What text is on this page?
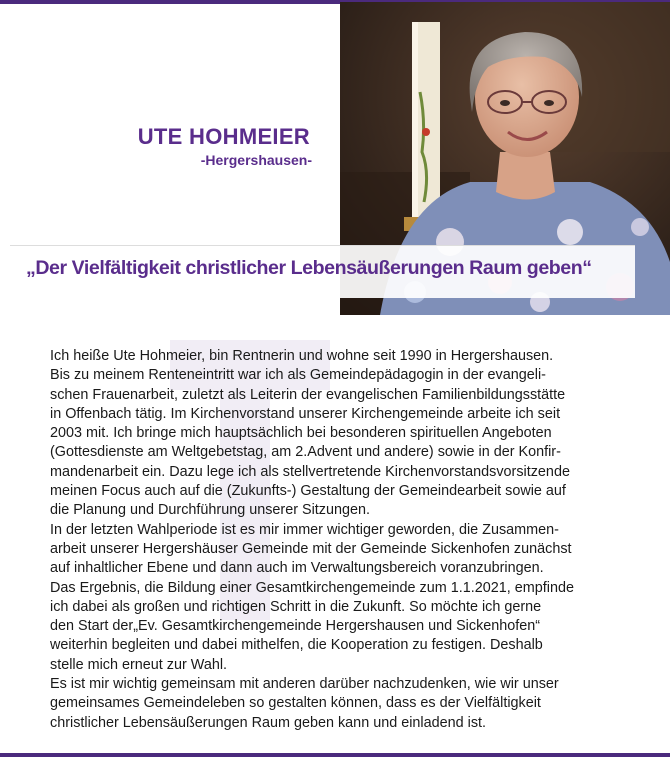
UTE HOHMEIER
-Hergershausen-
„Der Vielfältigkeit christlicher Lebensäußerungen Raum geben“
Ich heiße Ute Hohmeier, bin Rentnerin und wohne seit 1990 in Hergershausen.
Bis zu meinem Renteneintritt war ich als Gemeindepädagogin in der evangeli-
schen Frauenarbeit, zuletzt als Leiterin der evangelischen Familienbildungsstätte
in Offenbach tätig. Im Kirchenvorstand unserer Kirchengemeinde arbeite ich seit
2003 mit. Ich bringe mich hauptsächlich bei besonderen spirituellen Angeboten
(Gottesdienste am Weltgebetstag, am 2.Advent und andere) sowie in der Konfir-
mandenarbeit ein. Dazu lege ich als stellvertretende Kirchenvorstandsvorsitzende
meinen Focus auch auf die (Zukunfts-) Gestaltung der Gemeindearbeit sowie auf
die Planung und Durchführung unserer Sitzungen.
In der letzten Wahlperiode ist es mir immer wichtiger geworden, die Zusammen-
arbeit unserer Hergershäuser Gemeinde mit der Gemeinde Sickenhofen zunächst
auf inhaltlicher Ebene und dann auch im Verwaltungsbereich voranzubringen.
Das Ergebnis, die Bildung einer Gesamtkirchengemeinde zum 1.1.2021, empfinde
ich dabei als großen und richtigen Schritt in die Zukunft. So möchte ich gerne
den Start der„Ev. Gesamtkirchengemeinde Hergershausen und Sickenhofen“
weiterhin begleiten und dabei mithelfen, die Kooperation zu festigen. Deshalb
stelle mich erneut zur Wahl.
Es ist mir wichtig gemeinsam mit anderen darüber nachzudenken, wie wir unser
gemeinsames Gemeindeleben so gestalten können, dass es der Vielfältigkeit
christlicher Lebensäußerungen Raum geben kann und einladend ist.
